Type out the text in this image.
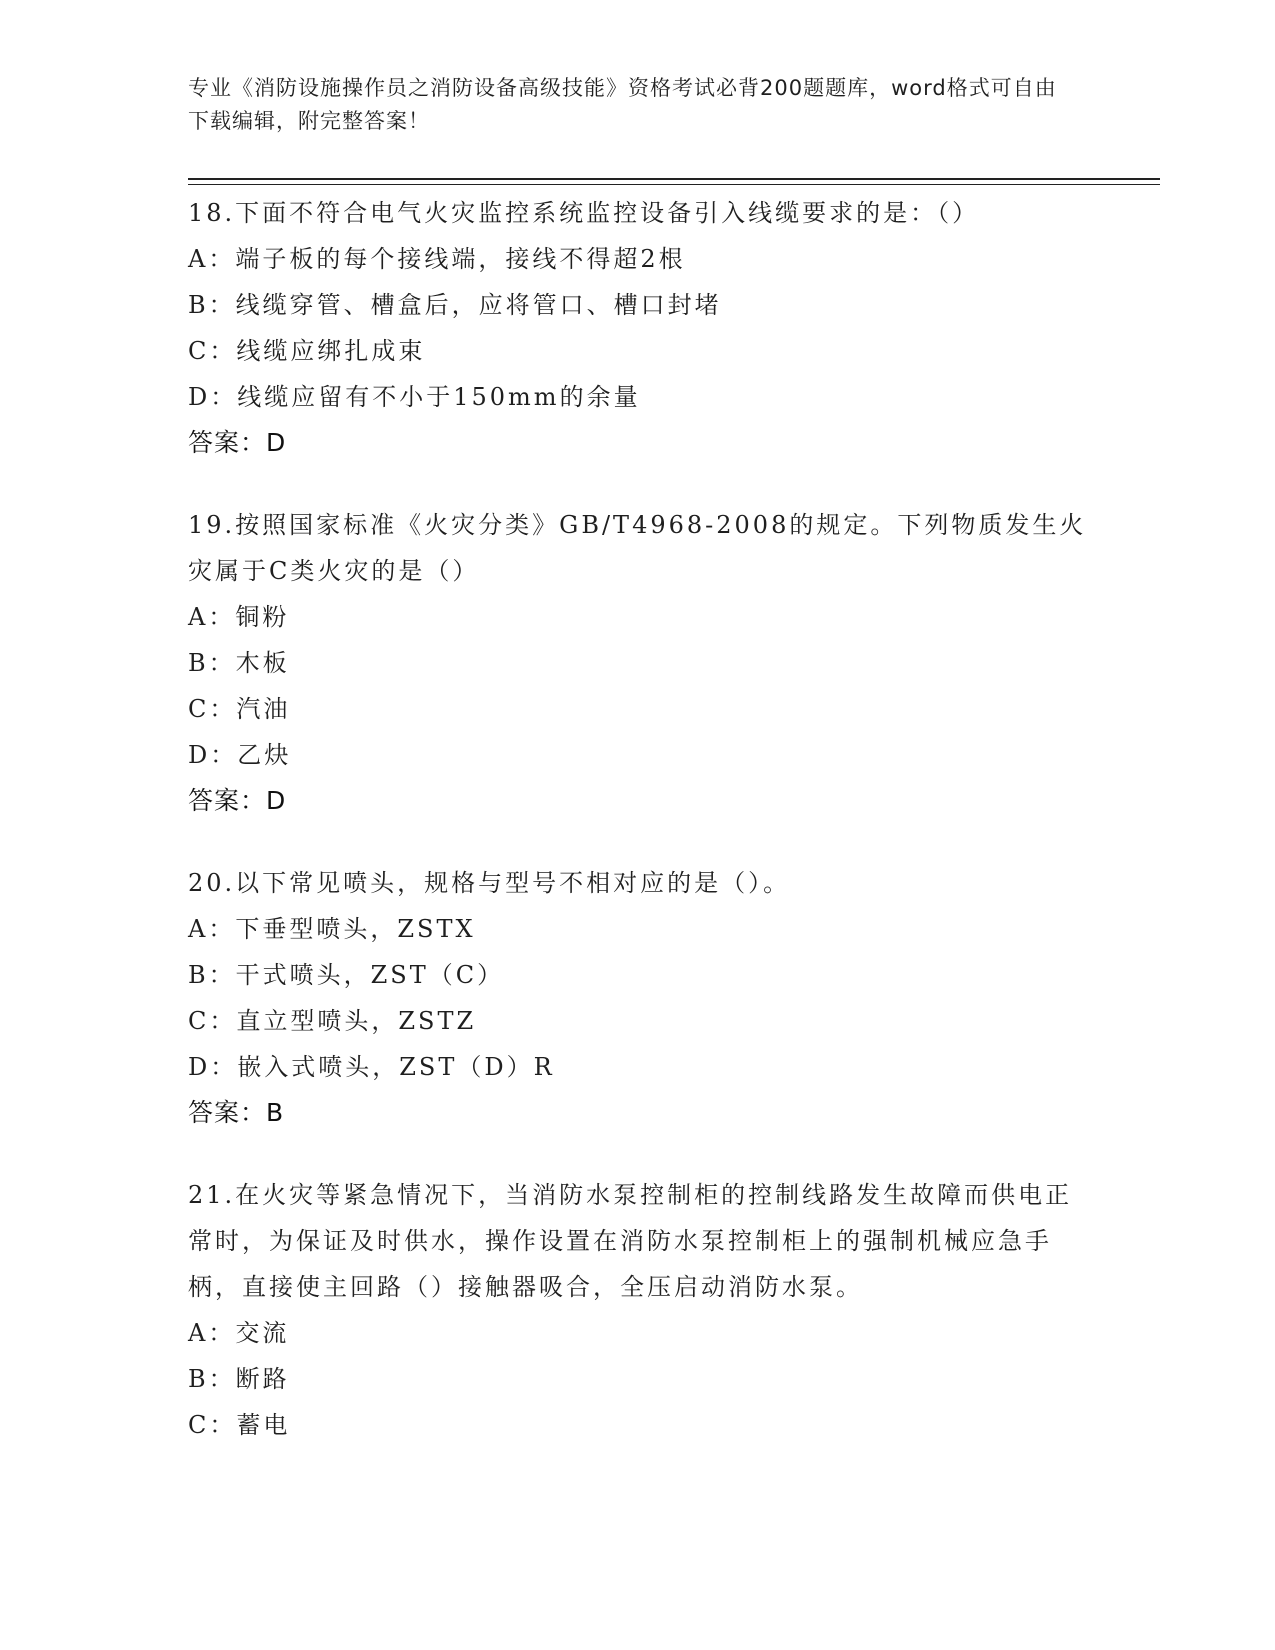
专业《消防设施操作员之消防设备高级技能》资格考试必背200题题库，word格式可自由下载编辑，附完整答案！
18.下面不符合电气火灾监控系统监控设备引入线缆要求的是：（）
A：端子板的每个接线端，接线不得超2根
B：线缆穿管、槽盒后，应将管口、槽口封堵
C：线缆应绑扎成束
D：线缆应留有不小于150mm的余量
答案：D
19.按照国家标准《火灾分类》GB/T4968-2008的规定。下列物质发生火灾属于C类火灾的是（）
A：铜粉
B：木板
C：汽油
D：乙炔
答案：D
20.以下常见喷头，规格与型号不相对应的是（）。
A：下垂型喷头，ZSTX
B：干式喷头，ZST（C）
C：直立型喷头，ZSTZ
D：嵌入式喷头，ZST（D）R
答案：B
21.在火灾等紧急情况下，当消防水泵控制柜的控制线路发生故障而供电正常时，为保证及时供水，操作设置在消防水泵控制柜上的强制机械应急手柄，直接使主回路（）接触器吸合，全压启动消防水泵。
A：交流
B：断路
C：蓄电
